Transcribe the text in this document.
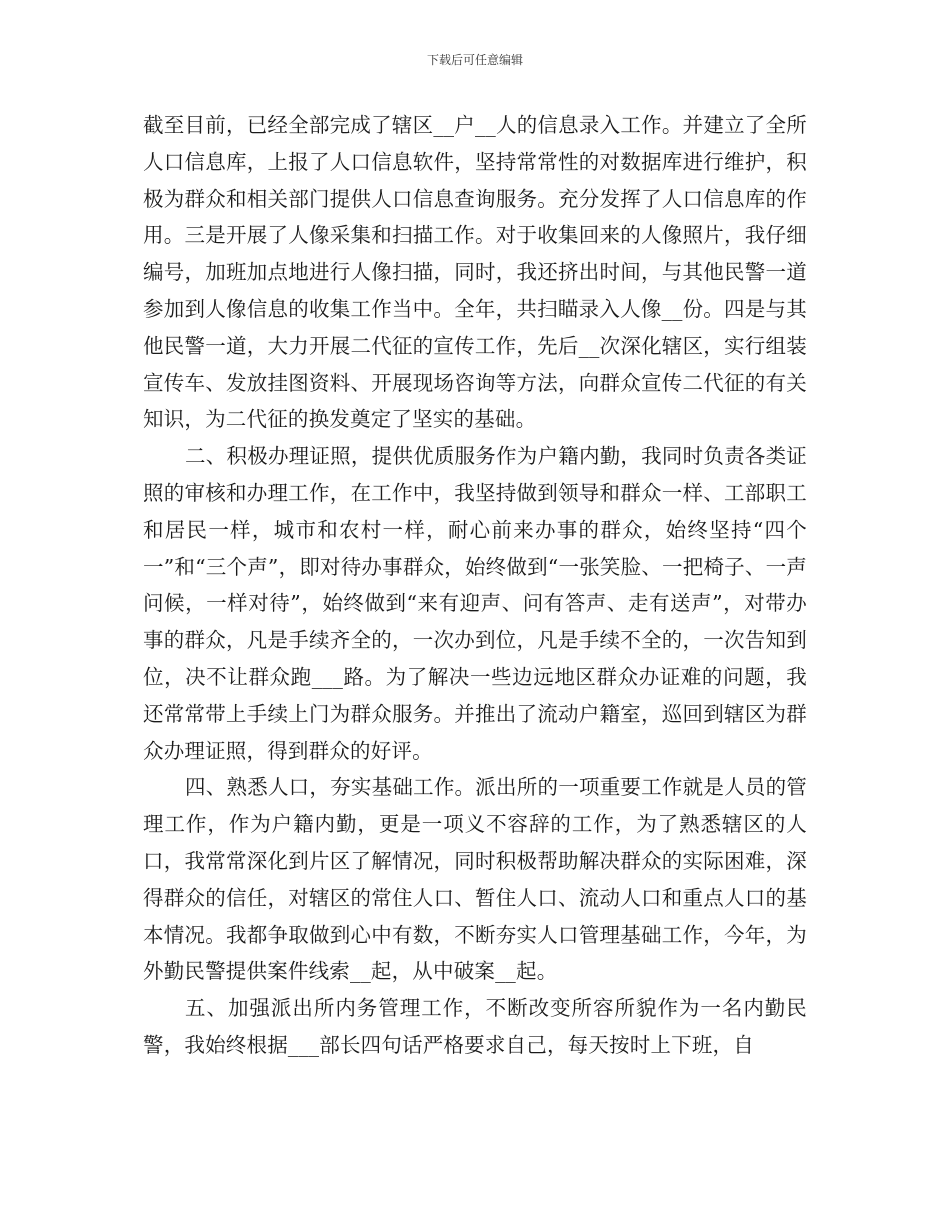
下载后可任意编辑

截至目前，已经全部完成了辖区__户__人的信息录入工作。并建立了全所人口信息库，上报了人口信息软件，坚持常常性的对数据库进行维护，积极为群众和相关部门提供人口信息查询服务。充分发挥了人口信息库的作用。三是开展了人像采集和扫描工作。对于收集回来的人像照片，我仔细编号，加班加点地进行人像扫描，同时，我还挤出时间，与其他民警一道参加到人像信息的收集工作当中。全年，共扫瞄录入人像__份。四是与其他民警一道，大力开展二代征的宣传工作，先后__次深化辖区，实行组装宣传车、发放挂图资料、开展现场咨询等方法，向群众宣传二代征的有关知识，为二代征的换发奠定了坚实的基础。

二、积极办理证照，提供优质服务作为户籍内勤，我同时负责各类证照的审核和办理工作，在工作中，我坚持做到领导和群众一样、工部职工和居民一样，城市和农村一样，耐心前来办事的群众，始终坚持“四个一”和“三个声”，即对待办事群众，始终做到“一张笑脸、一把椅子、一声问候，一样对待”，始终做到“来有迎声、问有答声、走有送声”，对带办事的群众，凡是手续齐全的，一次办到位，凡是手续不全的，一次告知到位，决不让群众跑___路。为了解决一些边远地区群众办证难的问题，我还常常带上手续上门为群众服务。并推出了流动户籍室，巡回到辖区为群众办理证照，得到群众的好评。

四、熟悉人口，夯实基础工作。派出所的一项重要工作就是人员的管理工作，作为户籍内勤，更是一项义不容辞的工作，为了熟悉辖区的人口，我常常深化到片区了解情况，同时积极帮助解决群众的实际困难，深得群众的信任，对辖区的常住人口、暂住人口、流动人口和重点人口的基本情况。我都争取做到心中有数，不断夯实人口管理基础工作，今年，为外勤民警提供案件线索__起，从中破案__起。

五、加强派出所内务管理工作，不断改变所容所貌作为一名内勤民警，我始终根据___部长四句话严格要求自己，每天按时上下班，自
